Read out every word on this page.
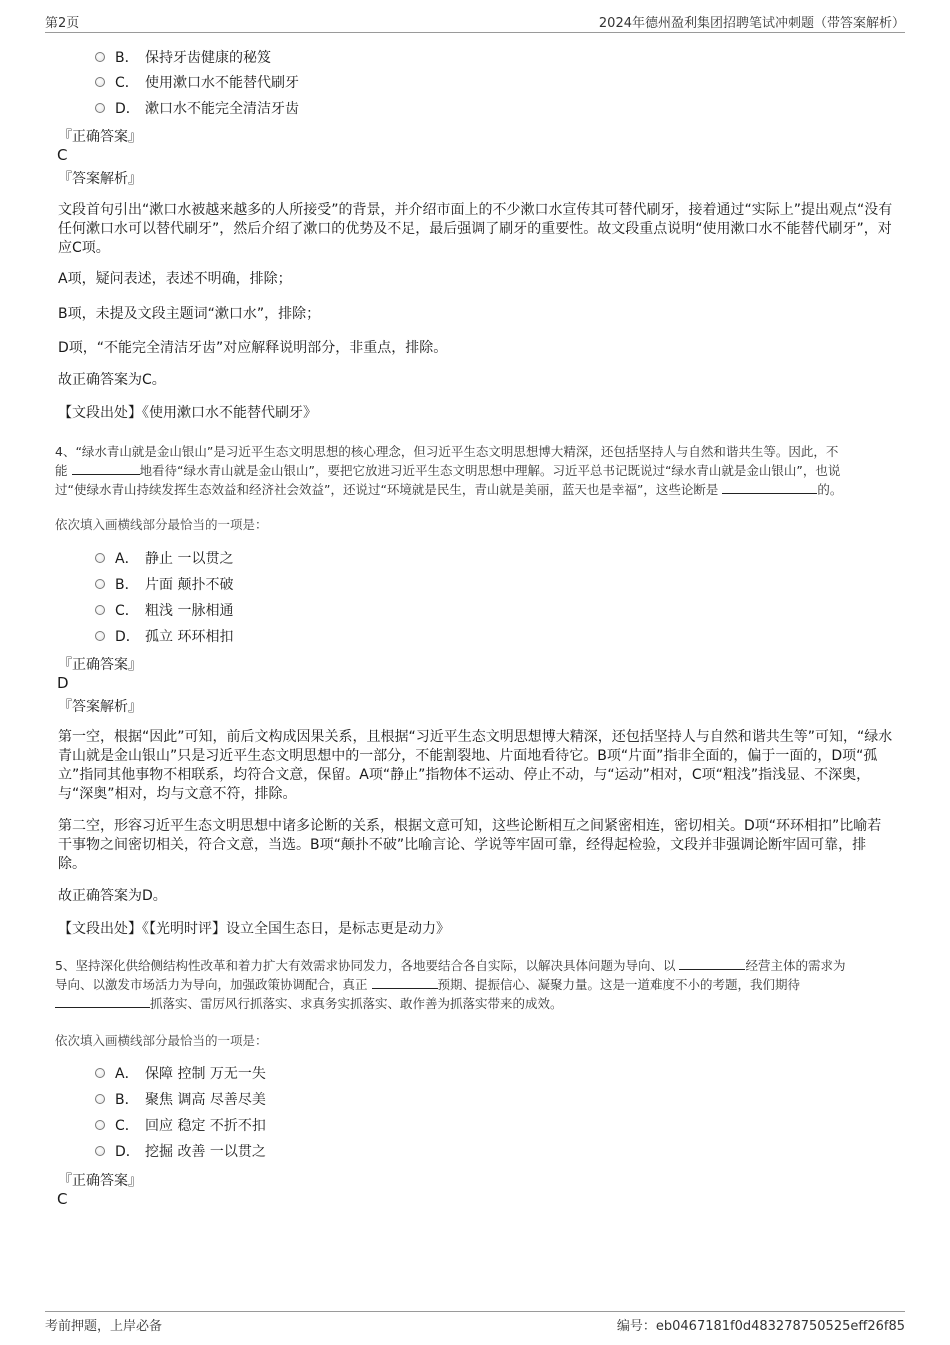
第2页	2024年德州盈利集团招聘笔试冲刺题（带答案解析）
B． 保持牙齿健康的秘笈
C． 使用漱口水不能替代刷牙
D． 漱口水不能完全清洁牙齿
『正确答案』
C
『答案解析』
文段首句引出“漱口水被越来越多的人所接受”的背景，并介绍市面上的不少漱口水宣传其可替代刷牙，接着通过“实际上”提出观点“没有任何漱口水可以替代刷牙”，然后介绍了漱口的优势及不足，最后强调了刷牙的重要性。故文段重点说明“使用漱口水不能替代刷牙”，对应C项。
A项，疑问表述，表述不明确，排除；
B项，未提及文段主题词“漱口水”，排除；
D项，“不能完全清洁牙齿”对应解释说明部分，非重点，排除。
故正确答案为C。
【文段出处】《使用漱口水不能替代刷牙》
4、“绿水青山就是金山银山”是习近平生态文明思想的核心理念，但习近平生态文明思想博大精深，还包括坚持人与自然和谐共生等。因此，不
能	地看待“绿水青山就是金山银山”，要把它放进习近平生态文明思想中理解。习近平总书记既说过“绿水青山就是金山银山”，也说
过“使绿水青山持续发挥生态效益和经济社会效益”，还说过“环境就是民生，青山就是美丽，蓝天也是幸福”，这些论断是	的。
依次填入画横线部分最恰当的一项是：
A． 静止 一以贯之
B． 片面 颠扑不破
C． 粗浅 一脉相通
D． 孤立 环环相扣
『正确答案』
D
『答案解析』
第一空，根据“因此”可知，前后文构成因果关系，且根据“习近平生态文明思想博大精深，还包括坚持人与自然和谐共生等”可知，“绿水青山就是金山银山”只是习近平生态文明思想中的一部分，不能割裂地、片面地看待它。B项“片面”指非全面的，偏于一面的，D项“孤立”指同其他事物不相联系，均符合文意，保留。A项“静止”指物体不运动、停止不动，与“运动”相对，C项“粗浅”指浅显、不深奥，与“深奥”相对，均与文意不符，排除。
第二空，形容习近平生态文明思想中诸多论断的关系，根据文意可知，这些论断相互之间紧密相连，密切相关。D项“环环相扣”比喻若干事物之间密切相关，符合文意，当选。B项“颠扑不破”比喻言论、学说等牢固可靠，经得起检验，文段并非强调论断牢固可靠，排除。
故正确答案为D。
【文段出处】《【光明时评】设立全国生态日，是标志更是动力》
5、坚持深化供给侧结构性改革和着力扩大有效需求协同发力，各地要结合各自实际，以解决具体问题为导向、以	经营主体的需求为
导向、以激发市场活力为导向，加强政策协调配合，真正	预期、提振信心、凝聚力量。这是一道难度不小的考题，我们期待
抓落实、雷厉风行抓落实、求真务实抓落实、敢作善为抓落实带来的成效。
依次填入画横线部分最恰当的一项是：
A． 保障 控制 万无一失
B． 聚焦 调高 尽善尽美
C． 回应 稳定 不折不扣
D． 挖掘 改善 一以贯之
『正确答案』
C
考前押题，上岸必备	编号：eb0467181f0d483278750525eff26f85
